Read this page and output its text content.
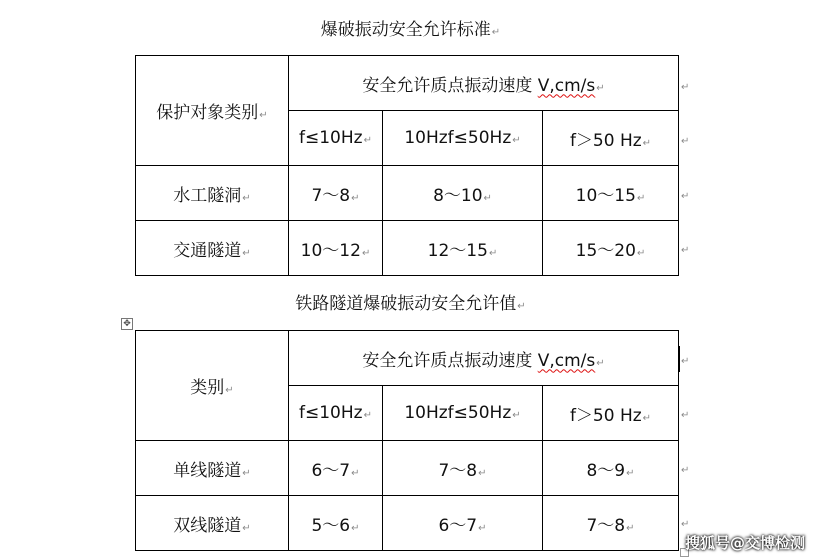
爆破振动安全允许标准↵
保护对象类别↵	安全允许质点振动速度 V,cm/s↵		
	f≤10Hz↵	10Hzf≤50Hz↵	f＞50 Hz↵
水工隧洞↵	7～8↵	8～10↵	10～15↵
交通隧道↵	10～12↵	12～15↵	15～20↵
↵
↵
↵
↵
铁路隧道爆破振动安全允许值↵
✥
类别↵	安全允许质点振动速度 V,cm/s↵		
	f≤10Hz↵	10Hzf≤50Hz↵	f＞50 Hz↵
单线隧道↵	6～7↵	7～8↵	8～9↵
双线隧道↵	5～6↵	6～7↵	7～8↵
↵
↵
↵
↵
搜狐号@交博检测
